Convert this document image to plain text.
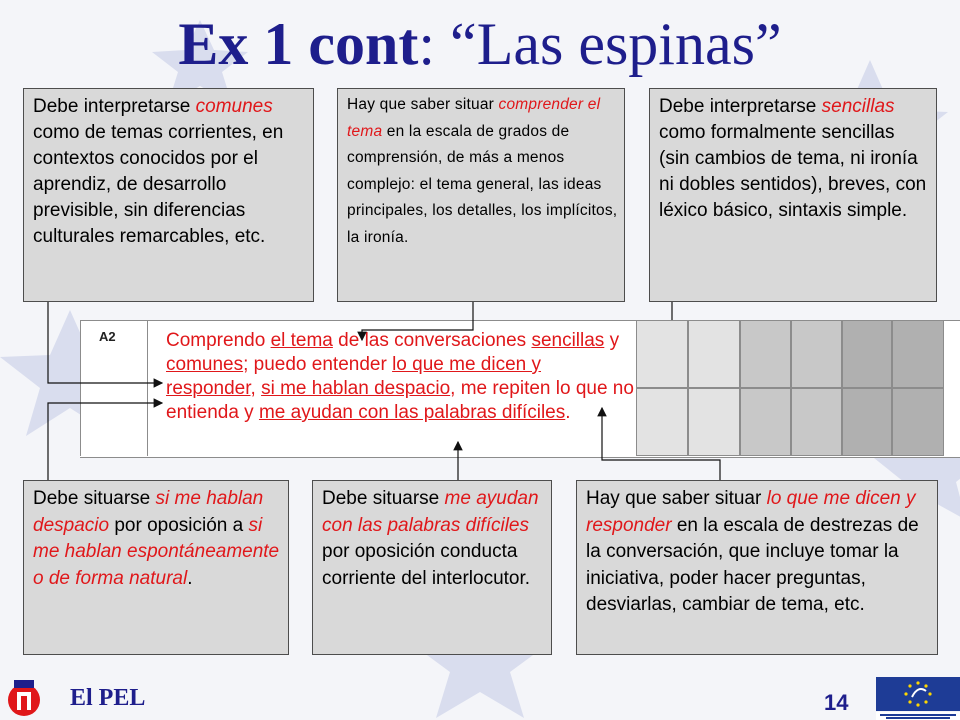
Ex 1 cont: “Las espinas”
Debe interpretarse comunes como de temas corrientes, en contextos conocidos por el aprendiz, de desarrollo previsible, sin diferencias culturales remarcables, etc.
Hay que saber situar comprender el tema en la escala de grados de comprensión, de más a menos complejo: el tema general, las ideas principales, los detalles, los implícitos, la ironía.
Debe interpretarse sencillas como formalmente sencillas (sin cambios de tema, ni ironía ni dobles sentidos), breves, con léxico básico, sintaxis simple.
A2	Comprendo el tema de las conversaciones sencillas y comunes; puedo entender lo que me dicen y responder, si me hablan despacio, me repiten lo que no entienda y me ayudan con las palabras difíciles.
Debe situarse si me hablan despacio por oposición a si me hablan espontáneamente o de forma natural.
Debe situarse me ayudan con las palabras difíciles por oposición conducta corriente del interlocutor.
Hay que saber situar lo que me dicen y responder en la escala de destrezas de la conversación, que incluye tomar la iniciativa, poder hacer preguntas, desviarlas, cambiar de tema, etc.
El PEL	14
